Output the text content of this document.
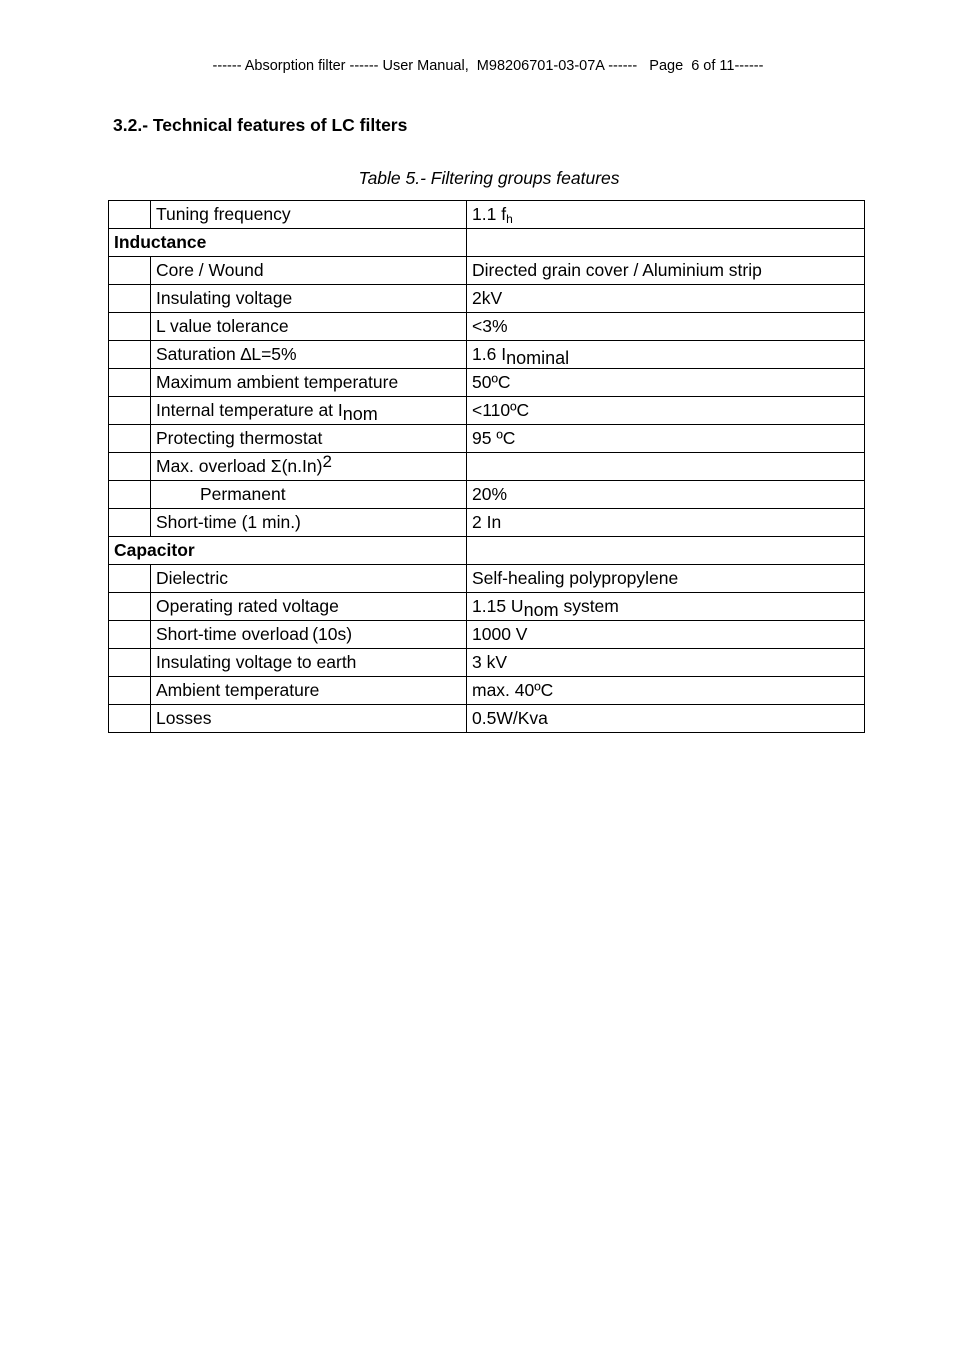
------ Absorption filter ------ User Manual,  M98206701-03-07A ------   Page  6 of 11------
3.2.- Technical features of LC filters
Table 5.- Filtering groups features
	Tuning frequency	1.1 fh
Inductance		
	Core / Wound	Directed grain cover / Aluminium strip
	Insulating voltage	2kV
	L value tolerance	<3%
	Saturation ∆L=5%	1.6 Inominal
	Maximum ambient temperature	50ºC
	Internal temperature at Inom	<110ºC
	Protecting thermostat	95 ºC
	Max. overload Σ(n.In)2	
	Permanent	20%
	Short-time (1 min.)	2 In
Capacitor		
	Dielectric	Self-healing polypropylene
	Operating rated voltage	1.15 Unom system
	Short-time overload (10s)	1000 V
	Insulating voltage to earth	3 kV
	Ambient temperature	max. 40ºC
	Losses	0.5W/Kva
